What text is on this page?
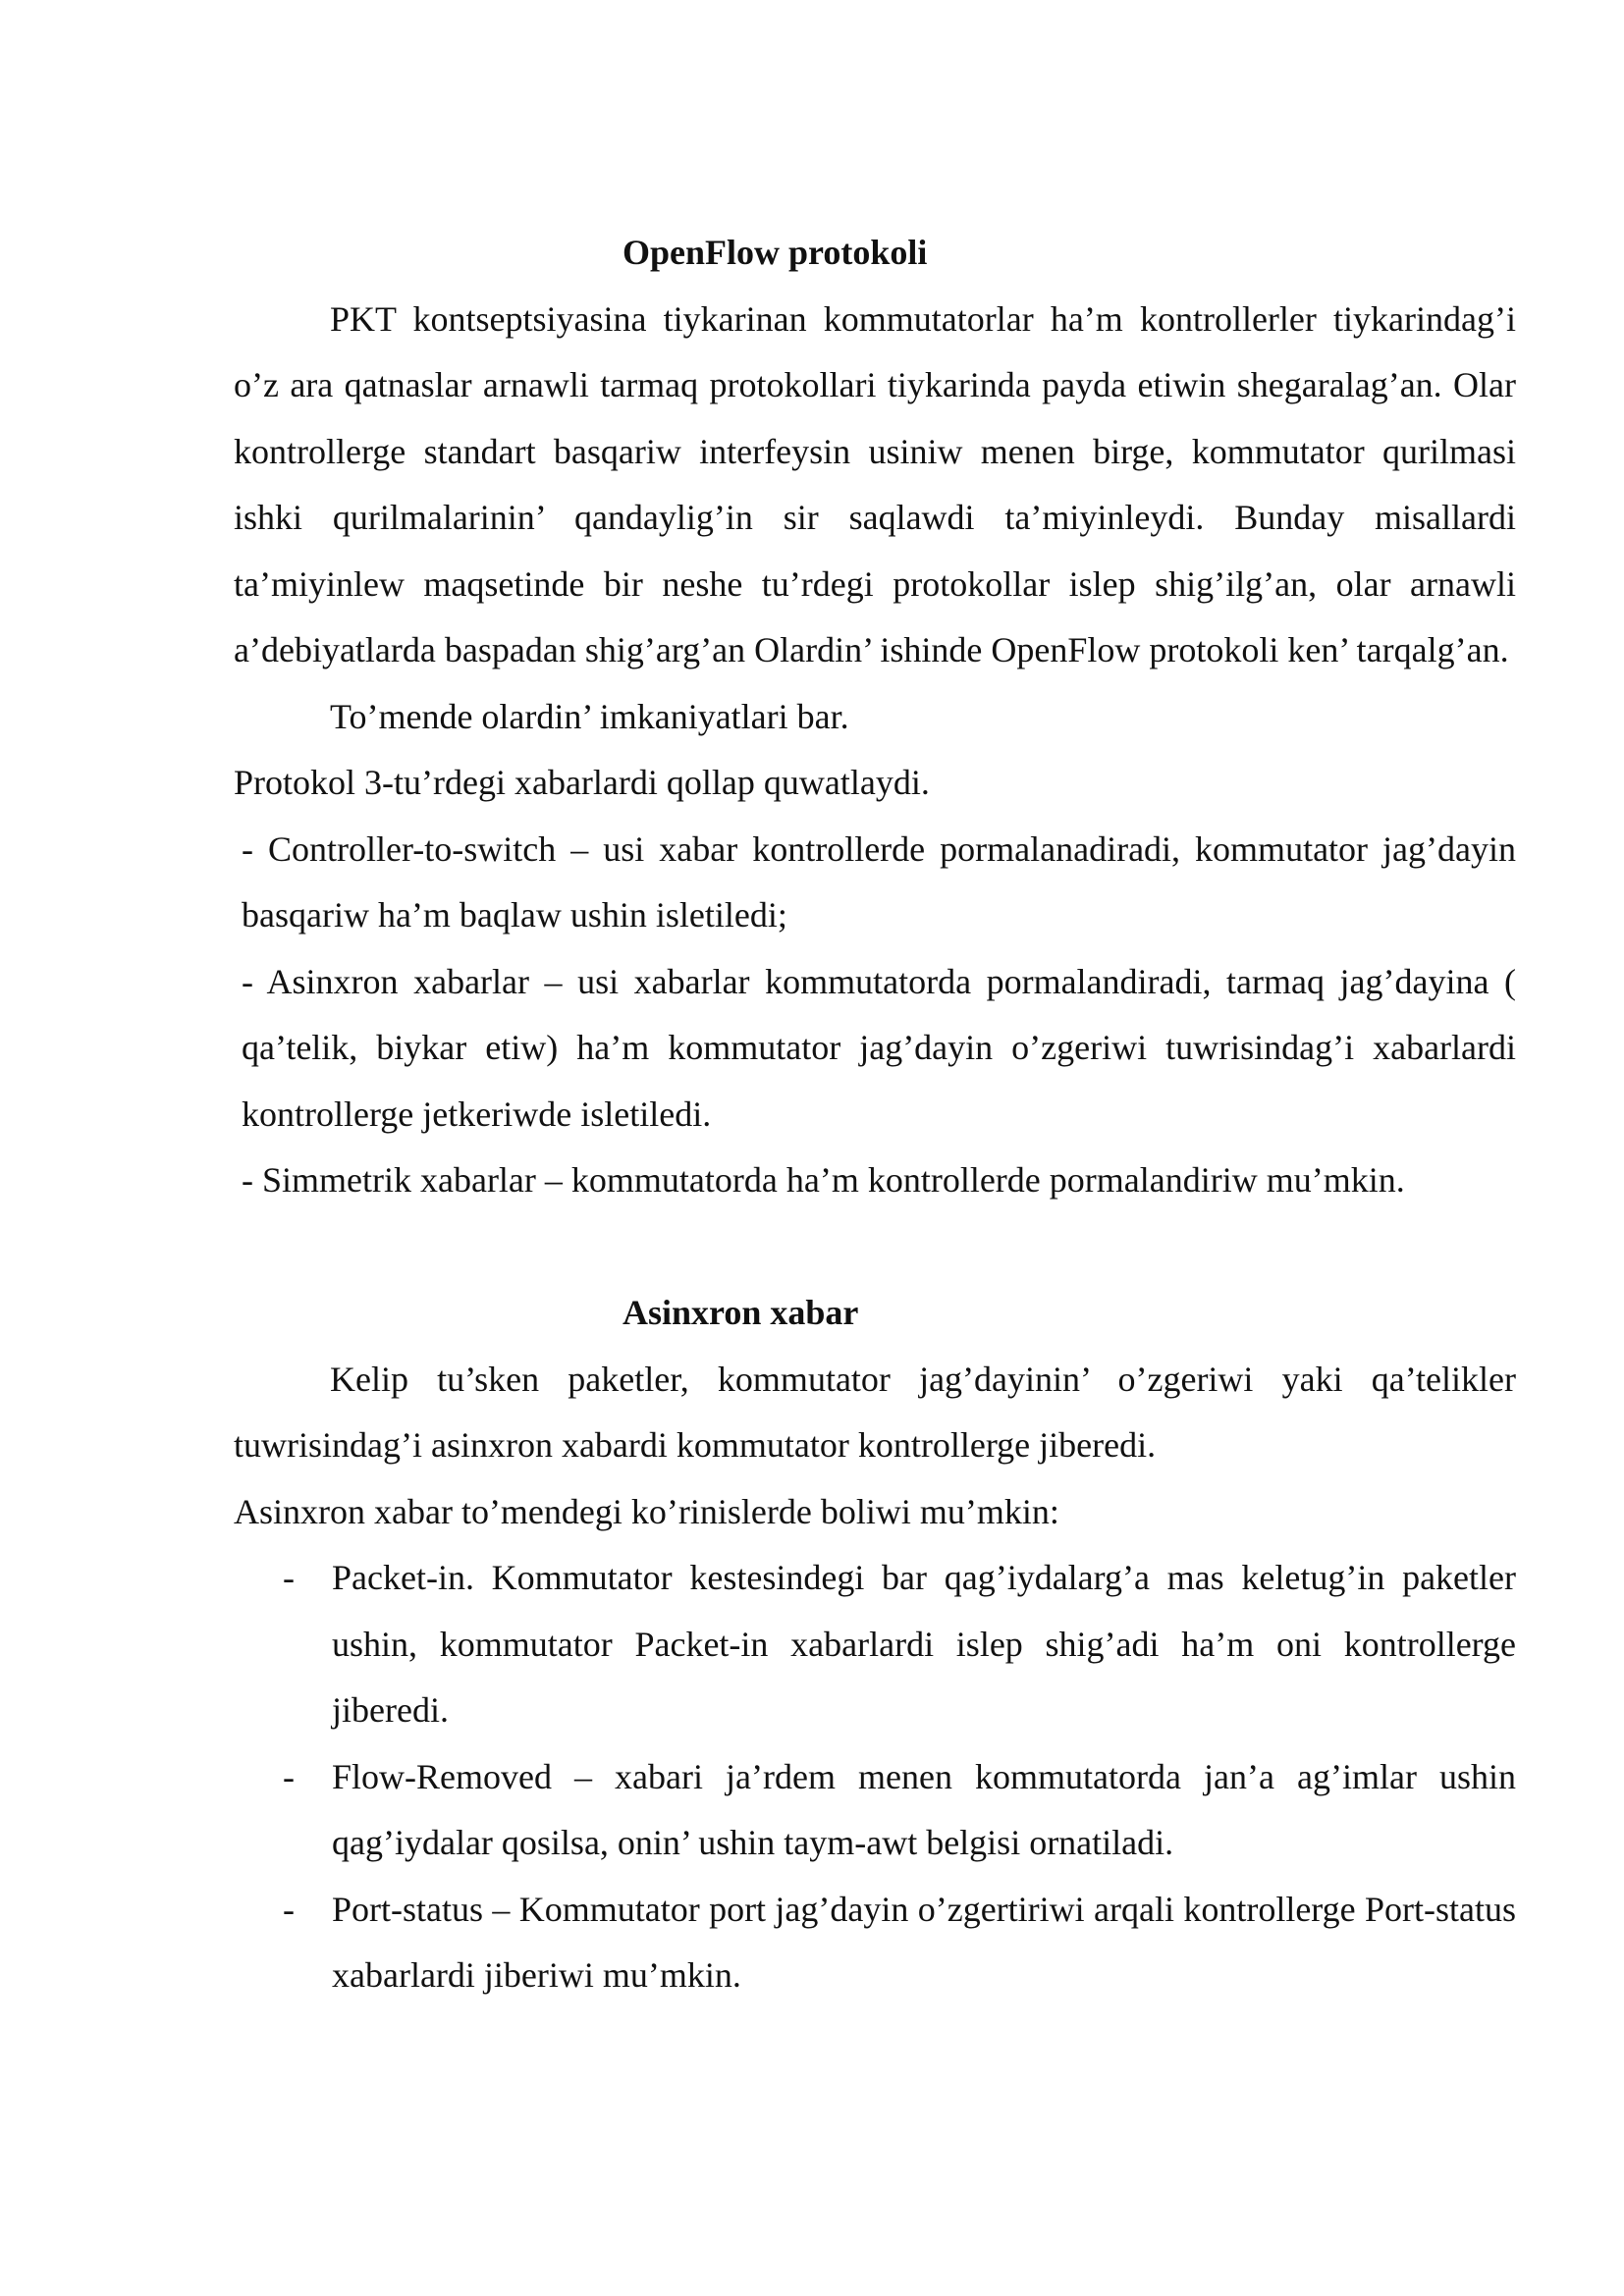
OpenFlow protokoli

PKT kontseptsiyasina tiykarinan kommutatorlar ha’m kontrollerler tiykarindag’i o’z ara qatnaslar arnawli tarmaq protokollari tiykarinda payda etiwin shegaralag’an. Olar kontrollerge standart basqariw interfeysin usiniw menen birge, kommutator qurilmasi ishki qurilmalarinin’ qandaylig’in sir saqlawdi ta’miyinleydi. Bunday misallardi ta’miyinlew maqsetinde bir neshe tu’rdegi protokollar islep shig’ilg’an, olar arnawli a’debiyatlarda baspadan shig’arg’an Olardin’ ishinde OpenFlow protokoli ken’ tarqalg’an.

To’mende olardin’ imkaniyatlari bar.

Protokol 3-tu’rdegi xabarlardi qollap quwatlaydi.

- Controller-to-switch – usi xabar kontrollerde pormalanadiradi, kommutator jag’dayin basqariw ha’m baqlaw ushin isletiledi;

- Asinxron xabarlar – usi xabarlar kommutatorda pormalandiradi, tarmaq jag’dayina ( qa’telik, biykar etiw) ha’m kommutator jag’dayin o’zgeriwi tuwrisindag’i xabarlardi kontrollerge jetkeriwde isletiledi.

- Simmetrik xabarlar – kommutatorda ha’m kontrollerde pormalandiriw mu’mkin.

Asinxron xabar

Kelip tu’sken paketler, kommutator jag’dayinin’ o’zgeriwi yaki qa’telikler tuwrisindag’i asinxron xabardi kommutator kontrollerge jiberedi.

Asinxron xabar to’mendegi ko’rinislerde boliwi mu’mkin:

- Packet-in. Kommutator kestesindegi bar qag’iydalarg’a mas keletug’in paketler ushin, kommutator Packet-in xabarlardi islep shig’adi ha’m oni kontrollerge jiberedi.
- Flow-Removed – xabari ja’rdem menen kommutatorda jan’a ag’imlar ushin qag’iydalar qosilsa, onin’ ushin taym-awt belgisi ornatiladi.
- Port-status – Kommutator port jag’dayin o’zgertiriwi arqali kontrollerge Port-status xabarlardi jiberiwi mu’mkin.
